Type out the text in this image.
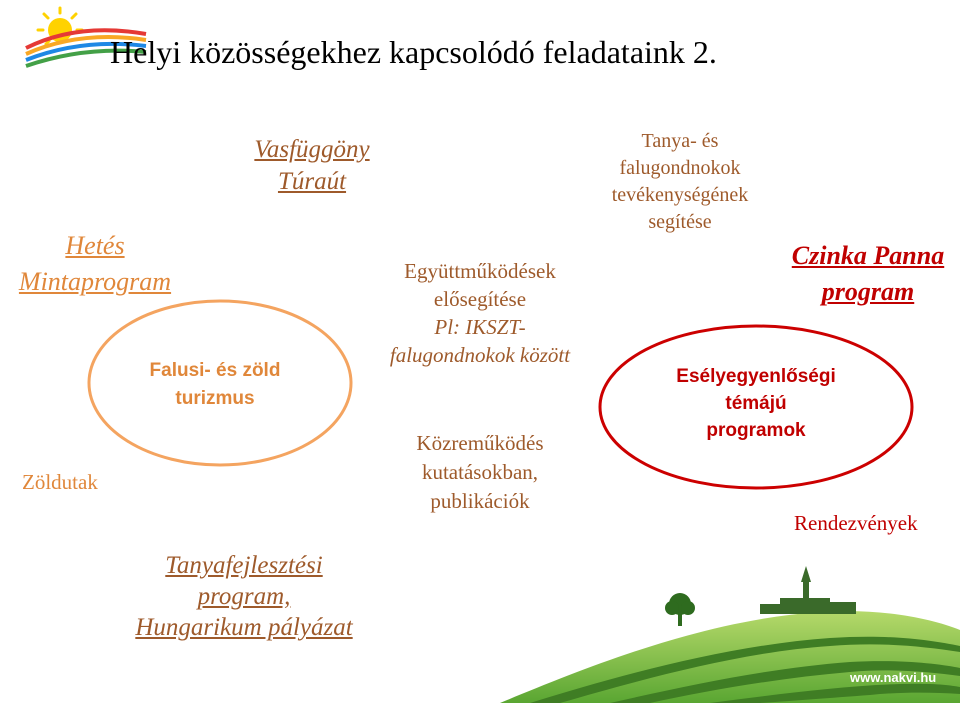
Helyi közösségekhez kapcsolódó feladataink 2.
Vasfüggöny
Túraút
Hetés
Mintaprogram
Falusi- és zöld
turizmus
Zöldutak
Tanyafejlesztési
program,
Hungarikum pályázat
Együttműködések
elősegítése
Pl: IKSZT-
falugondnokok között
Közreműködés
kutatásokban,
publikációk
Tanya- és
falugondnokok
tevékenységének
segítése
Czinka Panna
program
Esélyegyenlőségi
témájú
programok
Rendezvények
www.nakvi.hu
